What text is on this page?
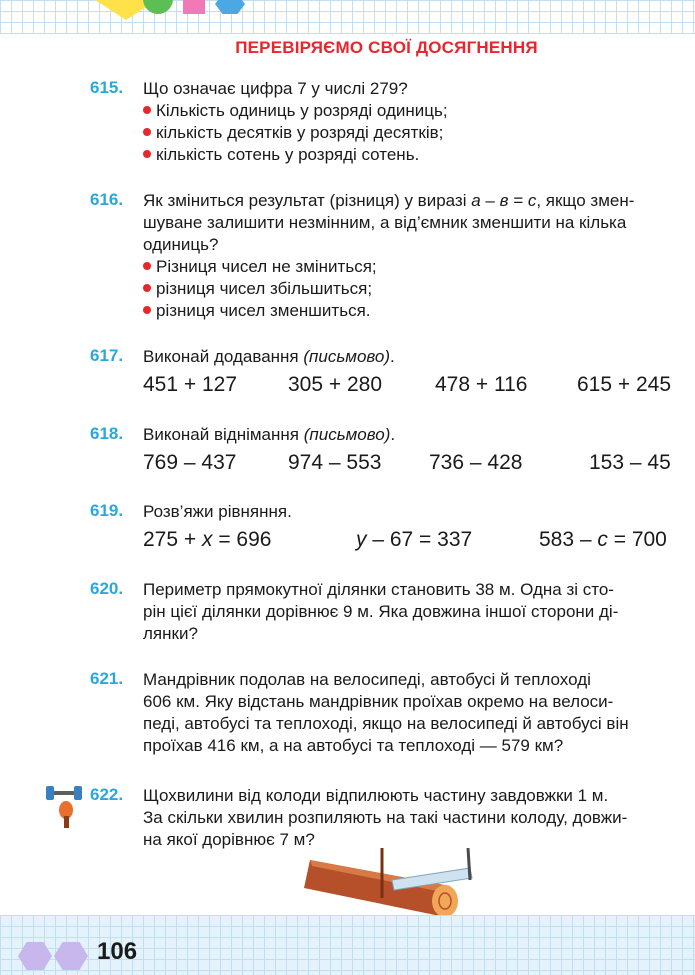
ПЕРЕВІРЯЄМО СВОЇ ДОСЯГНЕННЯ
615. Що означає цифра 7 у числі 279?
Кількість одиниць у розряді одиниць;
кількість десятків у розряді десятків;
кількість сотень у розряді сотень.
616. Як зміниться результат (різниця) у виразі a – в = c, якщо змен-
шуване залишити незмінним, а від’ємник зменшити на кілька
одиниць?
Різниця чисел не зміниться;
різниця чисел збільшиться;
різниця чисел зменшиться.
617. Виконай додавання (письмово).
451 + 127 305 + 280	478 + 116 615 + 245
618. Виконай віднімання (письмово).
769 – 437 974 – 553 736 – 428	153 – 45
619. Розв’яжи рівняння.
275 + x = 696	y – 67 = 337	583 – c = 700
620. Периметр прямокутної ділянки становить 38 м. Одна зі сто-
рін цієї ділянки дорівнює 9 м. Яка довжина іншої сторони ді-
лянки?
621. Мандрівник подолав на велосипеді, автобусі й теплоході
606 км. Яку відстань мандрівник проїхав окремо на велоси-
педі, автобусі та теплоході, якщо на велосипеді й автобусі він
проїхав 416 км, а на автобусі та теплоході — 579 км?
622. Щохвилини від колоди відпилюють частину завдовжки 1 м.
За скільки хвилин розпиляють на такі частини колоду, довжи-
на якої дорівнює 7 м?
106
